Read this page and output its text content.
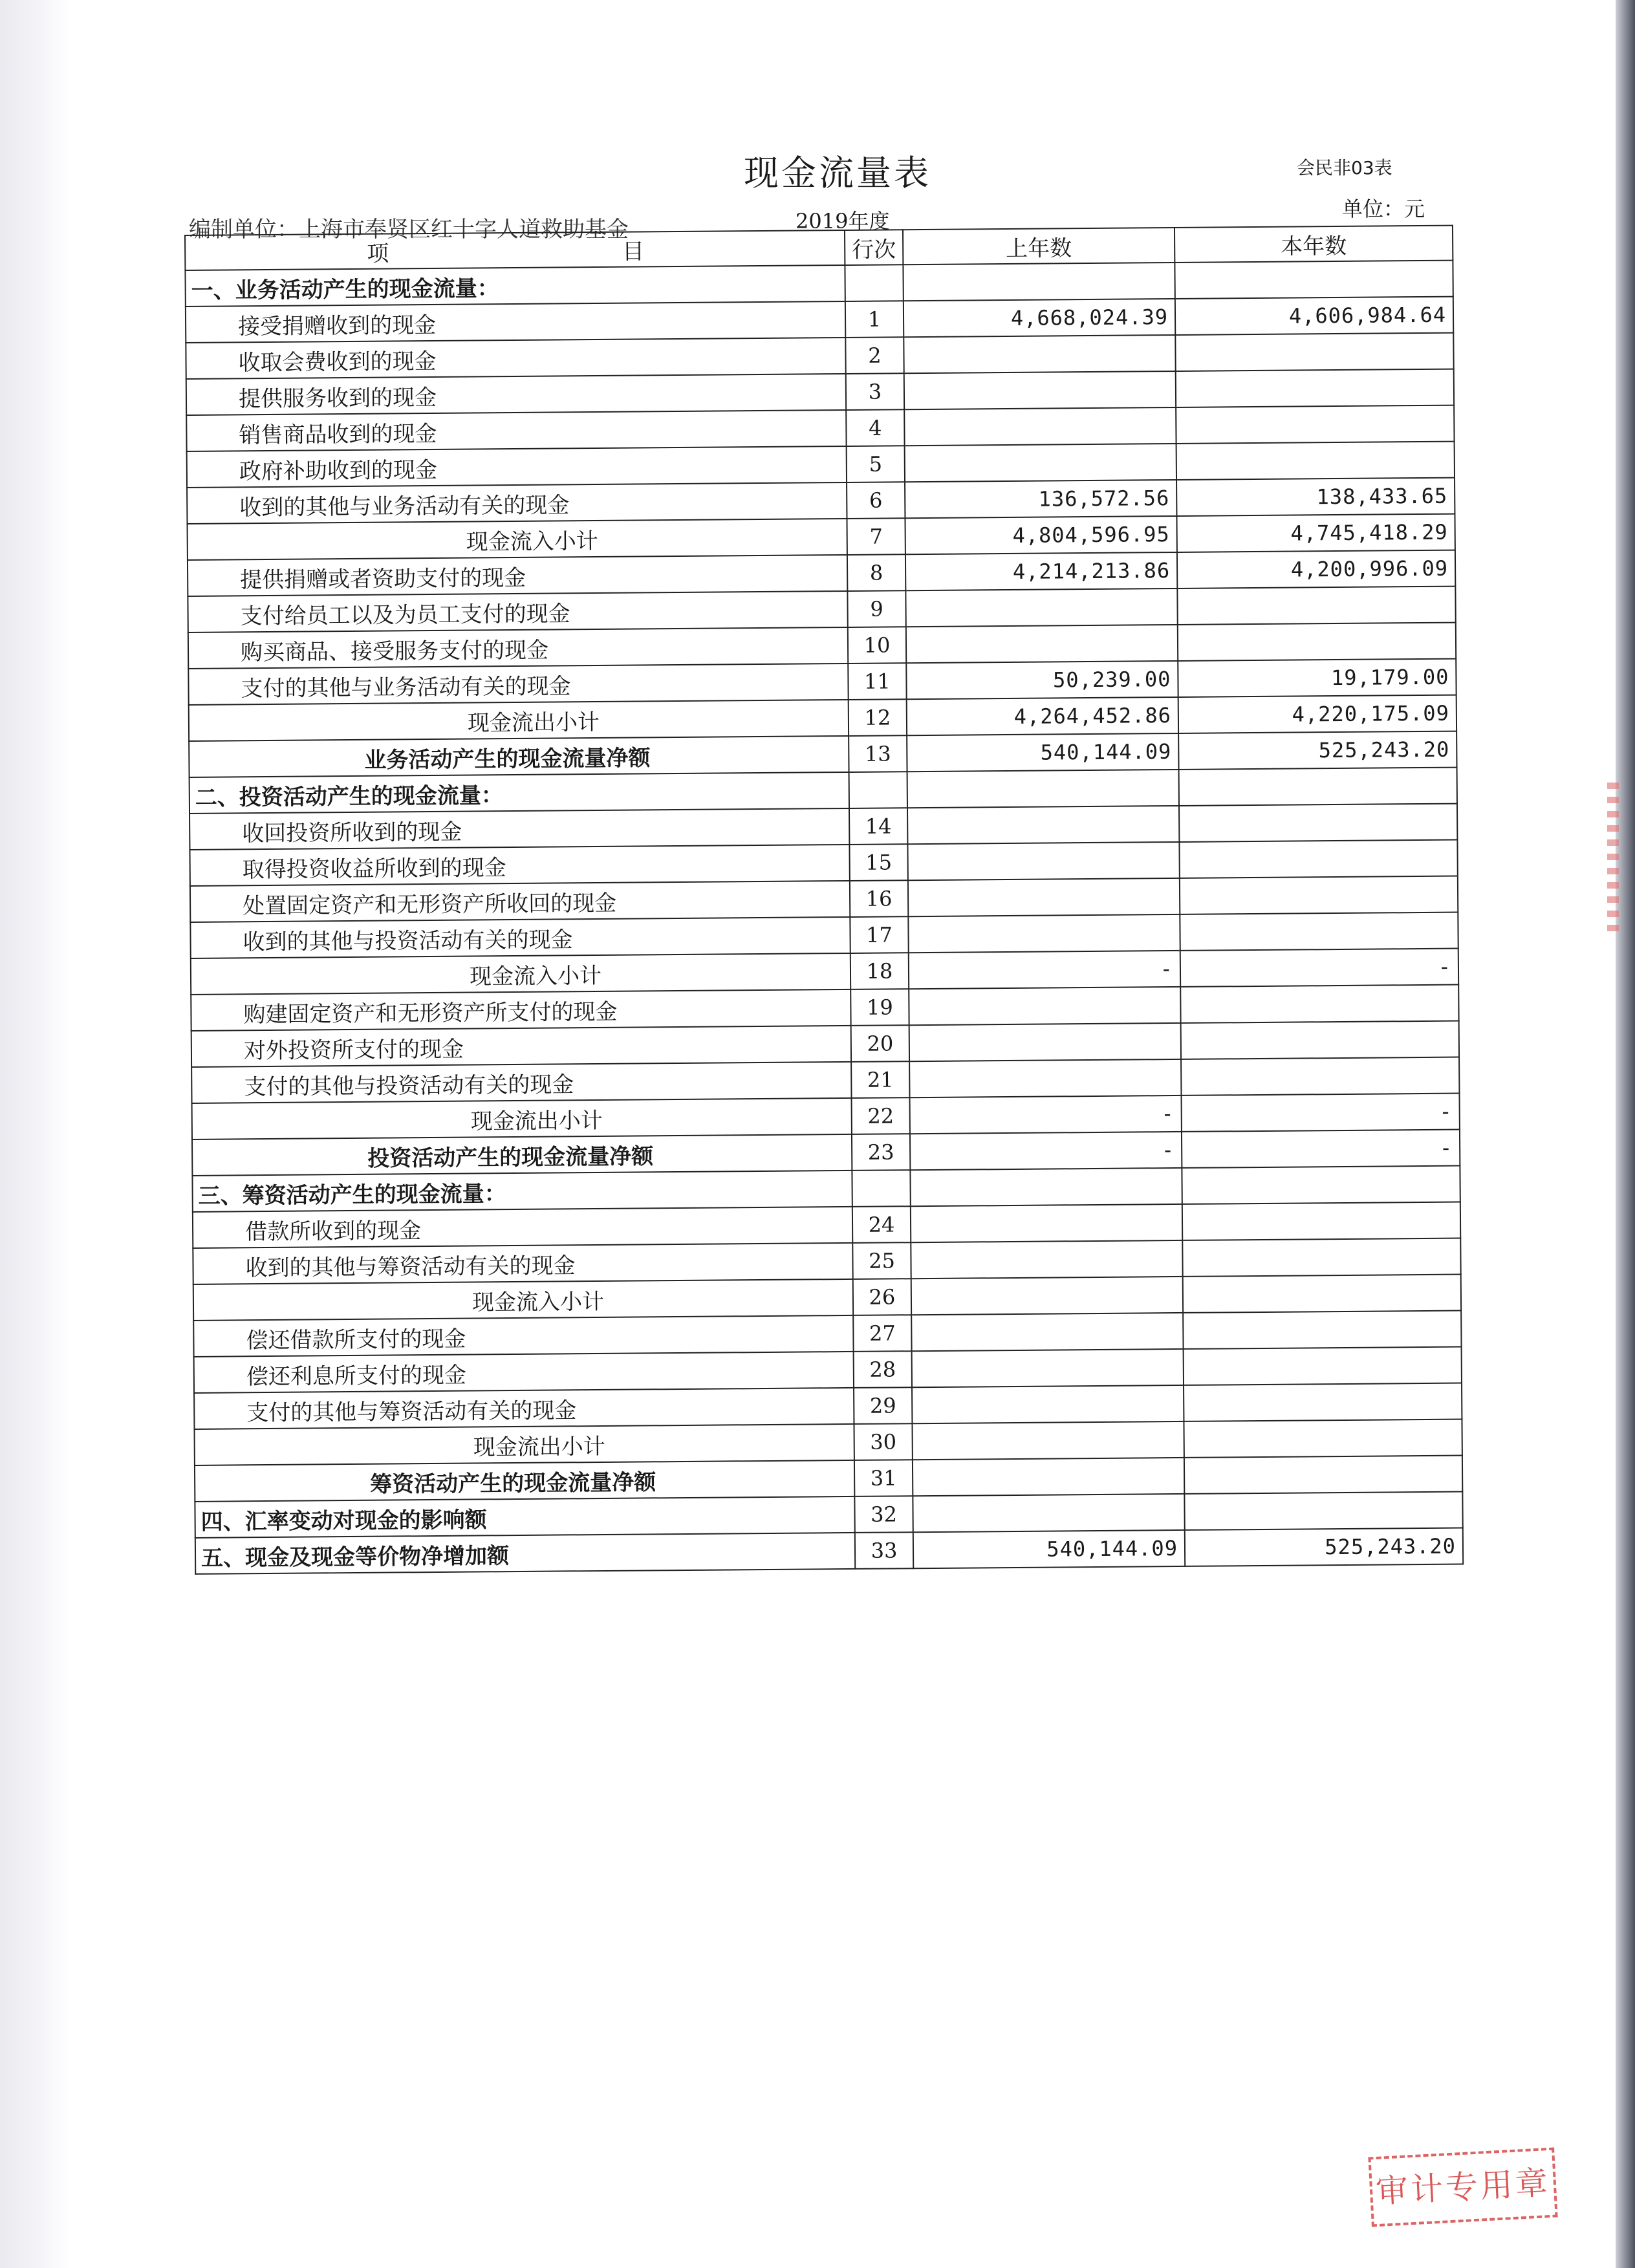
现金流量表	会民非03表
单位：元
编制单位：上海市奉贤区红十字人道救助基金	2019年度
项 目	行次	上年数	本年数
一、业务活动产生的现金流量：			
接受捐赠收到的现金	1	4,668,024.39	4,606,984.64
收取会费收到的现金	2		
提供服务收到的现金	3		
销售商品收到的现金	4		
政府补助收到的现金	5		
收到的其他与业务活动有关的现金	6	136,572.56	138,433.65
现金流入小计	7	4,804,596.95	4,745,418.29
提供捐赠或者资助支付的现金	8	4,214,213.86	4,200,996.09
支付给员工以及为员工支付的现金	9		
购买商品、接受服务支付的现金	10		
支付的其他与业务活动有关的现金	11	50,239.00	19,179.00
现金流出小计	12	4,264,452.86	4,220,175.09
业务活动产生的现金流量净额	13	540,144.09	525,243.20
二、投资活动产生的现金流量：			
收回投资所收到的现金	14		
取得投资收益所收到的现金	15		
处置固定资产和无形资产所收回的现金	16		
收到的其他与投资活动有关的现金	17		
现金流入小计	18	-	-
购建固定资产和无形资产所支付的现金	19		
对外投资所支付的现金	20		
支付的其他与投资活动有关的现金	21		
现金流出小计	22	-	-
投资活动产生的现金流量净额	23	-	-
三、筹资活动产生的现金流量：			
借款所收到的现金	24		
收到的其他与筹资活动有关的现金	25		
现金流入小计	26		
偿还借款所支付的现金	27		
偿还利息所支付的现金	28		
支付的其他与筹资活动有关的现金	29		
现金流出小计	30		
筹资活动产生的现金流量净额	31		
四、汇率变动对现金的影响额	32		
五、现金及现金等价物净增加额	33	540,144.09	525,243.20
审计专用章
